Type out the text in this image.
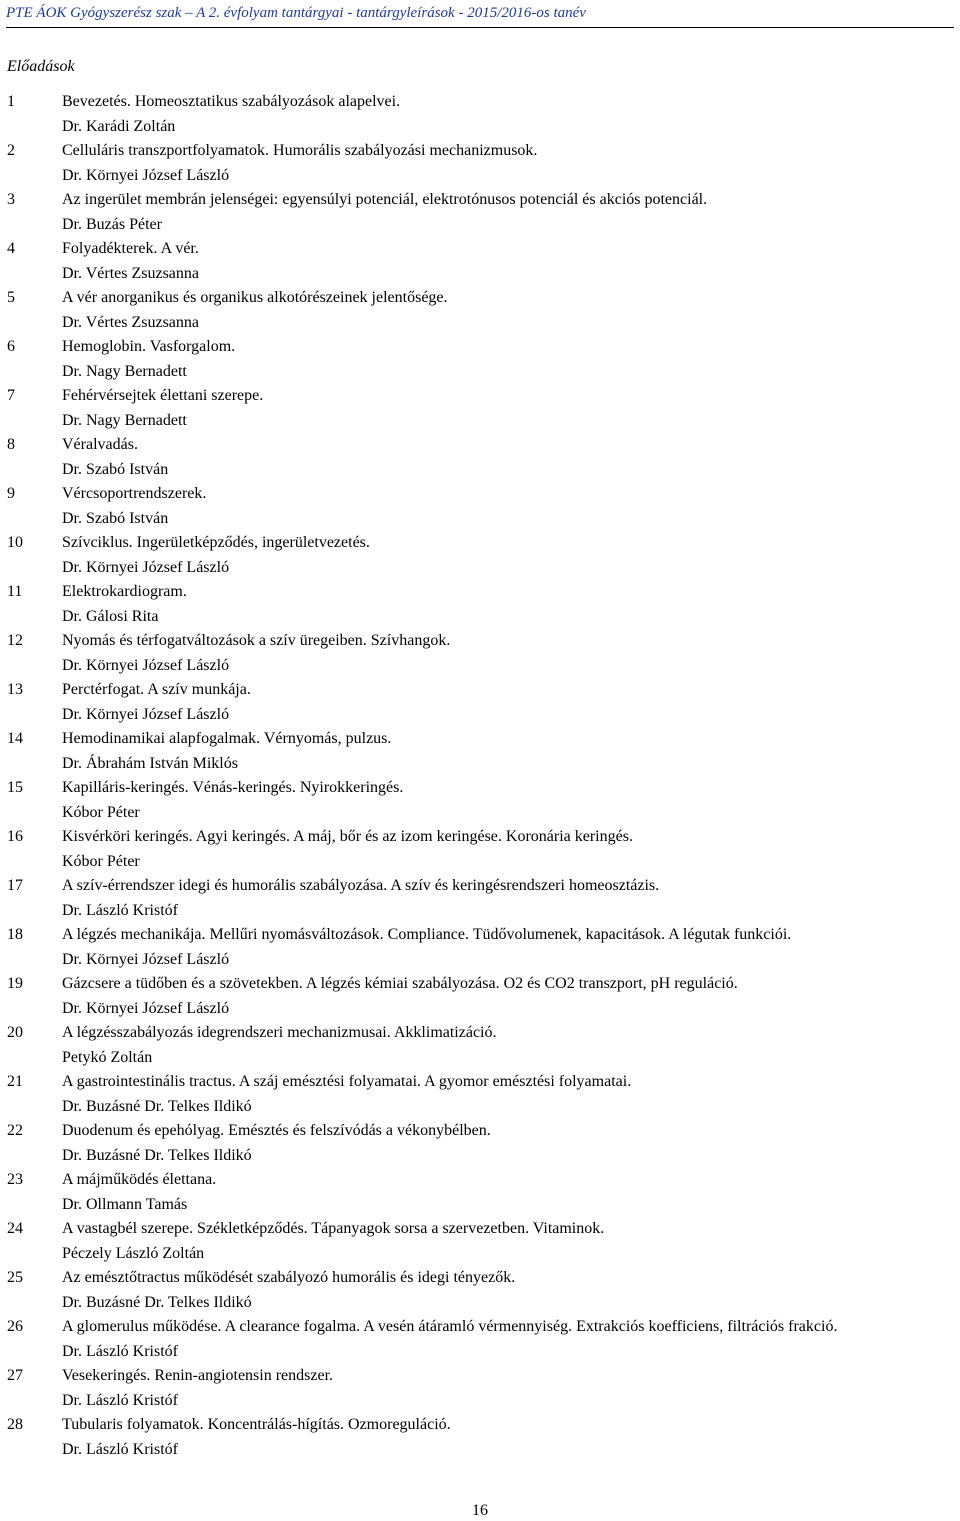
PTE ÁOK Gyógyszerész szak – A 2. évfolyam tantárgyai - tantárgyleírások - 2015/2016-os tanév
Előadások
1	Bevezetés. Homeosztatikus szabályozások alapelvei.
Dr. Karádi Zoltán
2	Celluláris transzportfolyamatok. Humorális szabályozási mechanizmusok.
Dr. Környei József László
3	Az ingerület membrán jelenségei: egyensúlyi potenciál, elektrotónusos potenciál és akciós potenciál.
Dr. Buzás Péter
4	Folyadékterek. A vér.
Dr. Vértes Zsuzsanna
5	A vér anorganikus és organikus alkotórészeinek jelentősége.
Dr. Vértes Zsuzsanna
6	Hemoglobin. Vasforgalom.
Dr. Nagy Bernadett
7	Fehérvérsejtek élettani szerepe.
Dr. Nagy Bernadett
8	Véralvadás.
Dr. Szabó István
9	Vércsoportrendszerek.
Dr. Szabó István
10 Szívciklus. Ingerületképződés, ingerületvezetés.
Dr. Környei József László
11 Elektrokardiogram.
Dr. Gálosi Rita
12 Nyomás és térfogatváltozások a szív üregeiben. Szívhangok.
Dr. Környei József László
13 Perctérfogat. A szív munkája.
Dr. Környei József László
14 Hemodinamikai alapfogalmak. Vérnyomás, pulzus.
Dr. Ábrahám István Miklós
15 Kapilláris-keringés. Vénás-keringés. Nyirokkeringés.
Kóbor Péter
16 Kisvérköri keringés. Agyi keringés. A máj, bőr és az izom keringése. Koronária keringés.
Kóbor Péter
17 A szív-érrendszer idegi és humorális szabályozása. A szív és keringésrendszeri homeosztázis.
Dr. László Kristóf
18 A légzés mechanikája. Mellűri nyomásváltozások. Compliance. Tüdővolumenek, kapacitások. A légutak funkciói.
Dr. Környei József László
19 Gázcsere a tüdőben és a szövetekben. A légzés kémiai szabályozása. O2 és CO2 transzport, pH reguláció.
Dr. Környei József László
20 A légzésszabályozás idegrendszeri mechanizmusai. Akklimatizáció.
Petykó Zoltán
21 A gastrointestinális tractus. A száj emésztési folyamatai. A gyomor emésztési folyamatai.
Dr. Buzásné Dr. Telkes Ildikó
22 Duodenum és epehólyag. Emésztés és felszívódás a vékonybélben.
Dr. Buzásné Dr. Telkes Ildikó
23 A májműködés élettana.
Dr. Ollmann Tamás
24 A vastagbél szerepe. Székletképződés. Tápanyagok sorsa a szervezetben. Vitaminok.
Péczely László Zoltán
25 Az emésztőtractus működését szabályozó humorális és idegi tényezők.
Dr. Buzásné Dr. Telkes Ildikó
26 A glomerulus működése. A clearance fogalma. A vesén átáramló vérmennyiség. Extrakciós koefficiens, filtrációs frakció.
Dr. László Kristóf
27 Vesekeringés. Renin-angiotensin rendszer.
Dr. László Kristóf
28 Tubularis folyamatok. Koncentrálás-hígítás. Ozmoreguláció.
Dr. László Kristóf
16
